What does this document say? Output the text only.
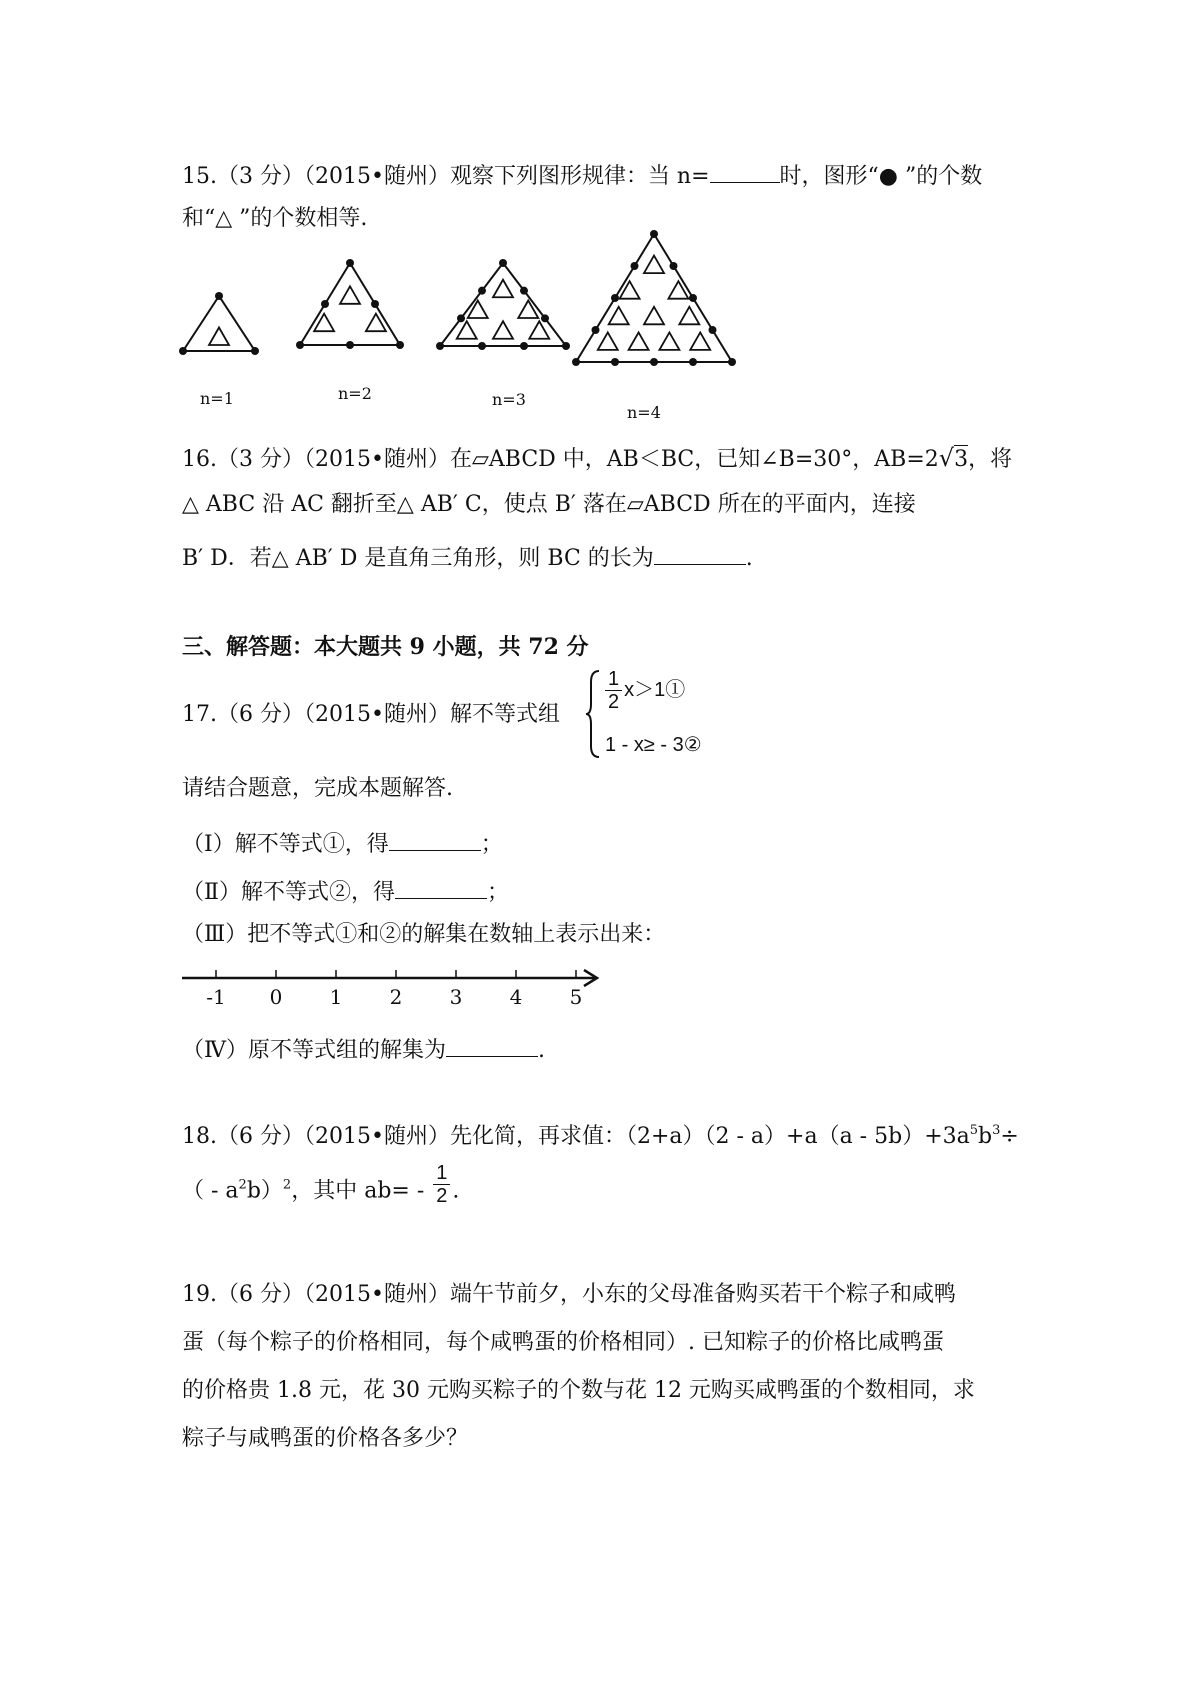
15.（3 分）（2015•随州）观察下列图形规律：当 n=	时，图形“● ”的个数
和“△ ”的个数相等.
n=1	n=2	n=3
n=4
16.（3 分）（2015•随州）在▱ABCD 中，AB＜BC，已知∠B=30°，AB=2√3，将
△ ABC 沿 AC 翻折至△ AB′ C，使点 B′ 落在▱ABCD 所在的平面内，连接
B′ D．若△ AB′ D 是直角三角形，则 BC 的长为	.
三、解答题：本大题共 9 小题，共 72 分
17.（6 分）（2015•随州）解不等式组
$\frac{1}{2}$ x＞1①
1 - x≥ - 3②
请结合题意，完成本题解答.
（Ⅰ）解不等式①，得	；
（Ⅱ）解不等式②，得	；
（Ⅲ）把不等式①和②的解集在数轴上表示出来：
-1 0 1 2 3 4 5
（Ⅳ）原不等式组的解集为	.
18.（6 分）（2015•随州）先化简，再求值：$(2+a)(2 - a)+a(a - 5b)+3a^5b^3\div$
（ - $a^2b)^2$，其中 $ab= - \frac{1}{2}$ .
19.（6 分）（2015•随州）端午节前夕，小东的父母准备购买若干个粽子和咸鸭
蛋（每个粽子的价格相同，每个咸鸭蛋的价格相同）. 已知粽子的价格比咸鸭蛋
的价格贵 1.8 元，花 30 元购买粽子的个数与花 12 元购买咸鸭蛋的个数相同，求
粽子与咸鸭蛋的价格各多少？
